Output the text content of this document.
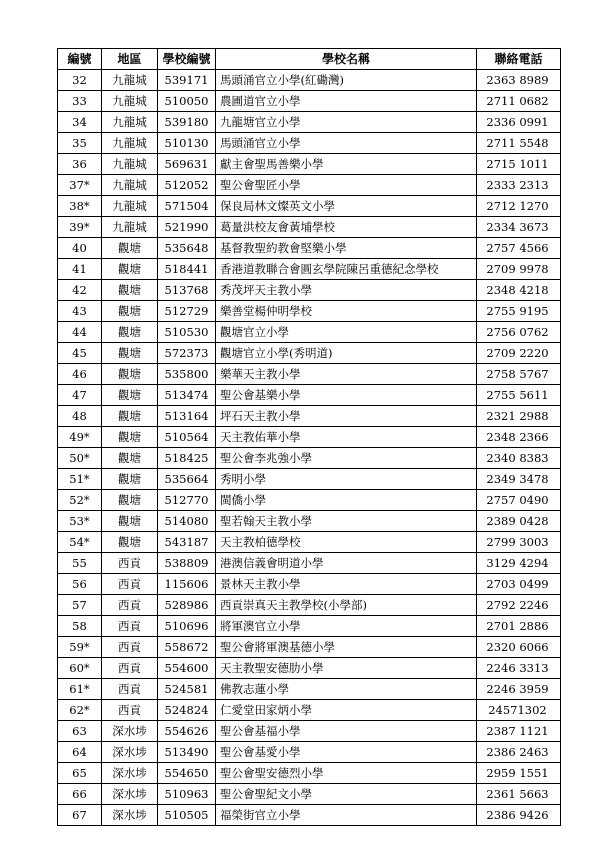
編號	地區	學校編號	學校名稱	聯絡電話
32	九龍城	539171	馬頭涌官立小學(紅磡灣)	2363 8989
33	九龍城	510050	農圃道官立小學	2711 0682
34	九龍城	539180	九龍塘官立小學	2336 0991
35	九龍城	510130	馬頭涌官立小學	2711 5548
36	九龍城	569631	獻主會聖馬善樂小學	2715 1011
37*	九龍城	512052	聖公會聖匠小學	2333 2313
38*	九龍城	571504	保良局林文燦英文小學	2712 1270
39*	九龍城	521990	葛量洪校友會黃埔學校	2334 3673
40	觀塘	535648	基督教聖約教會堅樂小學	2757 4566
41	觀塘	518441	香港道教聯合會圓玄學院陳呂重德紀念學校	2709 9978
42	觀塘	513768	秀茂坪天主教小學	2348 4218
43	觀塘	512729	樂善堂楊仲明學校	2755 9195
44	觀塘	510530	觀塘官立小學	2756 0762
45	觀塘	572373	觀塘官立小學(秀明道)	2709 2220
46	觀塘	535800	樂華天主教小學	2758 5767
47	觀塘	513474	聖公會基樂小學	2755 5611
48	觀塘	513164	坪石天主教小學	2321 2988
49*	觀塘	510564	天主教佑華小學	2348 2366
50*	觀塘	518425	聖公會李兆強小學	2340 8383
51*	觀塘	535664	秀明小學	2349 3478
52*	觀塘	512770	閩僑小學	2757 0490
53*	觀塘	514080	聖若翰天主教小學	2389 0428
54*	觀塘	543187	天主教柏德學校	2799 3003
55	西貢	538809	港澳信義會明道小學	3129 4294
56	西貢	115606	景林天主教小學	2703 0499
57	西貢	528986	西貢崇真天主教學校(小學部)	2792 2246
58	西貢	510696	將軍澳官立小學	2701 2886
59*	西貢	558672	聖公會將軍澳基德小學	2320 6066
60*	西貢	554600	天主教聖安德肋小學	2246 3313
61*	西貢	524581	佛教志蓮小學	2246 3959
62*	西貢	524824	仁愛堂田家炳小學	24571302
63	深水埗	554626	聖公會基福小學	2387 1121
64	深水埗	513490	聖公會基愛小學	2386 2463
65	深水埗	554650	聖公會聖安德烈小學	2959 1551
66	深水埗	510963	聖公會聖紀文小學	2361 5663
67	深水埗	510505	福榮街官立小學	2386 9426
